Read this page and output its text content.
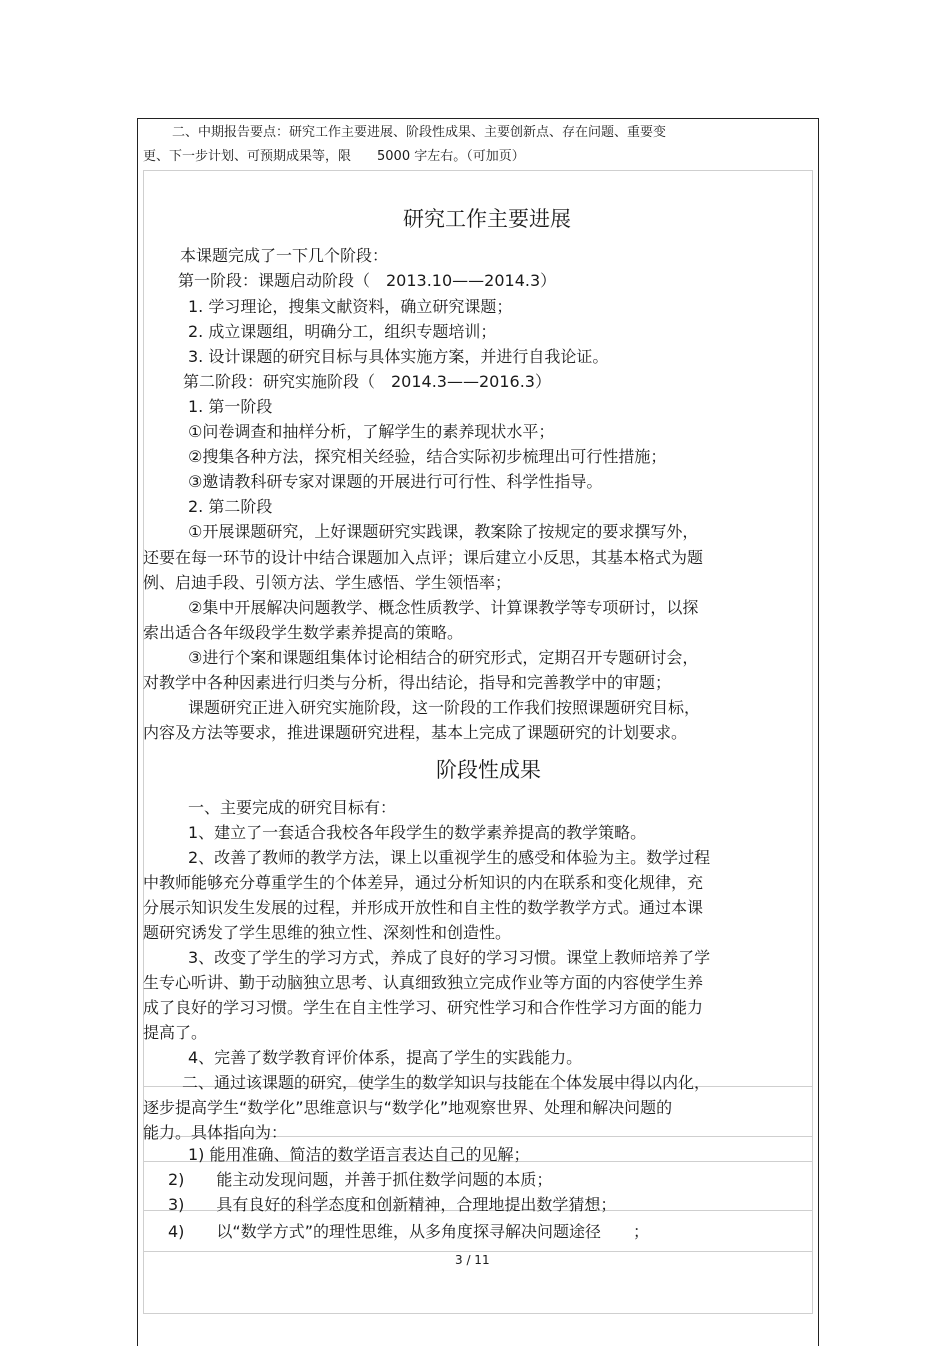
二、中期报告要点：研究工作主要进展、阶段性成果、主要创新点、存在问题、重要变
更、下一步计划、可预期成果等，限　　5000 字左右。（可加页）
研究工作主要进展
本课题完成了一下几个阶段：
第一阶段：课题启动阶段（　2013.10——2014.3）
1. 学习理论，搜集文献资料，确立研究课题；
2. 成立课题组，明确分工，组织专题培训；
3. 设计课题的研究目标与具体实施方案，并进行自我论证。
第二阶段：研究实施阶段（　2014.3——2016.3）
1. 第一阶段
①问卷调查和抽样分析，了解学生的素养现状水平；
②搜集各种方法，探究相关经验，结合实际初步梳理出可行性措施；
③邀请教科研专家对课题的开展进行可行性、科学性指导。
2. 第二阶段
①开展课题研究，上好课题研究实践课，教案除了按规定的要求撰写外，
还要在每一环节的设计中结合课题加入点评；课后建立小反思，其基本格式为题
例、启迪手段、引领方法、学生感悟、学生领悟率；
②集中开展解决问题教学、概念性质教学、计算课教学等专项研讨，以探
索出适合各年级段学生数学素养提高的策略。
③进行个案和课题组集体讨论相结合的研究形式，定期召开专题研讨会，
对教学中各种因素进行归类与分析，得出结论，指导和完善教学中的审题；
课题研究正进入研究实施阶段，这一阶段的工作我们按照课题研究目标，
内容及方法等要求，推进课题研究进程，基本上完成了课题研究的计划要求。
阶段性成果
一、主要完成的研究目标有：
1、建立了一套适合我校各年段学生的数学素养提高的教学策略。
2、改善了教师的教学方法，课上以重视学生的感受和体验为主。数学过程
中教师能够充分尊重学生的个体差异，通过分析知识的内在联系和变化规律，充
分展示知识发生发展的过程，并形成开放性和自主性的数学教学方式。通过本课
题研究诱发了学生思维的独立性、深刻性和创造性。
3、改变了学生的学习方式，养成了良好的学习习惯。课堂上教师培养了学
生专心听讲、勤于动脑独立思考、认真细致独立完成作业等方面的内容使学生养
成了良好的学习习惯。学生在自主性学习、研究性学习和合作性学习方面的能力
提高了。
4、完善了数学教育评价体系，提高了学生的实践能力。
二、通过该课题的研究，使学生的数学知识与技能在个体发展中得以内化，
逐步提高学生“数学化”思维意识与“数学化”地观察世界、处理和解决问题的
能力。具体指向为：
1) 能用准确、简洁的数学语言表达自己的见解；
2)　　能主动发现问题，并善于抓住数学问题的本质；
3)　　具有良好的科学态度和创新精神，合理地提出数学猜想；
4)　　以“数学方式”的理性思维，从多角度探寻解决问题途径　　；
3 / 11
